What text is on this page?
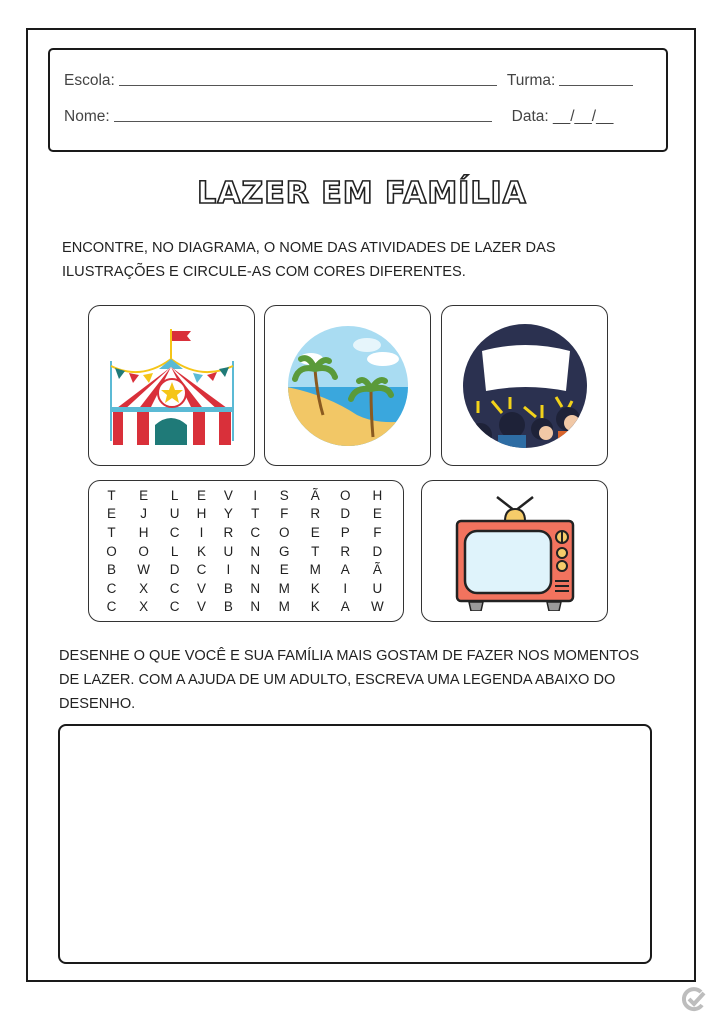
Escola:	Turma:
Nome:	Data: __/__/__
LAZER EM FAMÍLIA
ENCONTRE, NO DIAGRAMA, O NOME DAS ATIVIDADES DE LAZER DAS ILUSTRAÇÕES E CIRCULE-AS COM CORES DIFERENTES.
T	E	L	E	V	I	S	Ã	O	H
E	J	U	H	Y	T	F	R	D	E
T	H	C	I	R	C	O	E	P	F
O	O	L	K	U	N	G	T	R	D
B	W	D	C	I	N	E	M	A	Ã
C	X	C	V	B	N	M	K	I	U
C	X	C	V	B	N	M	K	A	W
DESENHE O QUE VOCÊ E SUA FAMÍLIA MAIS GOSTAM DE FAZER NOS MOMENTOS DE LAZER. COM A AJUDA DE UM ADULTO, ESCREVA UMA LEGENDA ABAIXO DO DESENHO.
